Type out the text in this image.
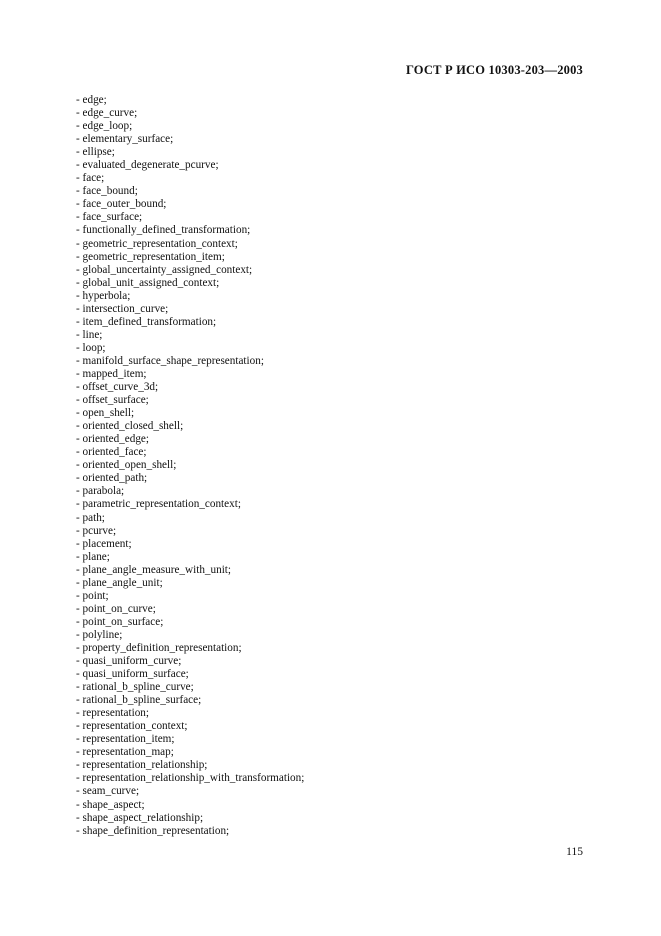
ГОСТ Р ИСО 10303-203—2003
- edge;
- edge_curve;
- edge_loop;
- elementary_surface;
- ellipse;
- evaluated_degenerate_pcurve;
- face;
- face_bound;
- face_outer_bound;
- face_surface;
- functionally_defined_transformation;
- geometric_representation_context;
- geometric_representation_item;
- global_uncertainty_assigned_context;
- global_unit_assigned_context;
- hyperbola;
- intersection_curve;
- item_defined_transformation;
- line;
- loop;
- manifold_surface_shape_representation;
- mapped_item;
- offset_curve_3d;
- offset_surface;
- open_shell;
- oriented_closed_shell;
- oriented_edge;
- oriented_face;
- oriented_open_shell;
- oriented_path;
- parabola;
- parametric_representation_context;
- path;
- pcurve;
- placement;
- plane;
- plane_angle_measure_with_unit;
- plane_angle_unit;
- point;
- point_on_curve;
- point_on_surface;
- polyline;
- property_definition_representation;
- quasi_uniform_curve;
- quasi_uniform_surface;
- rational_b_spline_curve;
- rational_b_spline_surface;
- representation;
- representation_context;
- representation_item;
- representation_map;
- representation_relationship;
- representation_relationship_with_transformation;
- seam_curve;
- shape_aspect;
- shape_aspect_relationship;
- shape_definition_representation;
115
